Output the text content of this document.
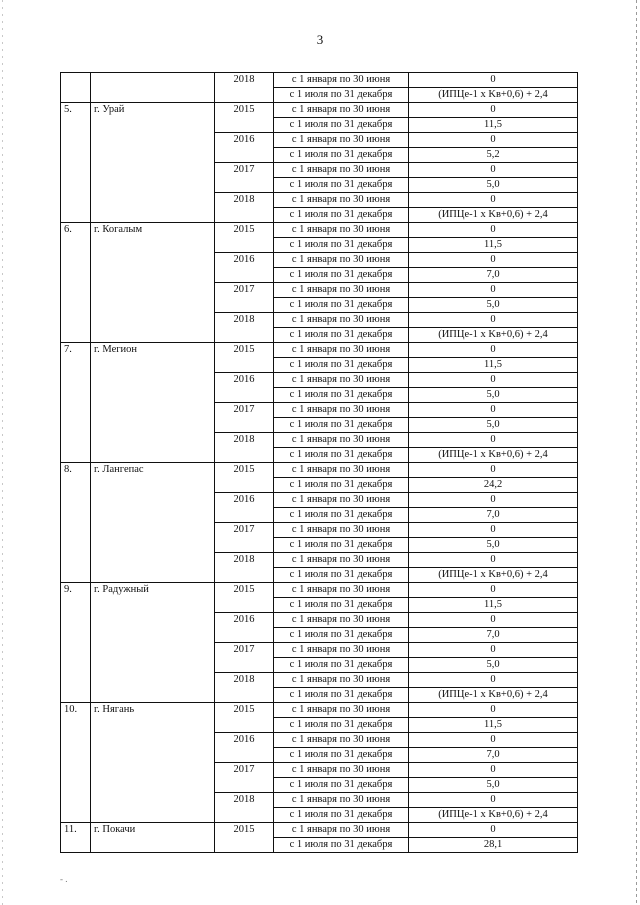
3
		2018	с 1 января по 30 июня	0
			с 1 июля по 31 декабря	(ИПЦe-1 x Kв+0,6) + 2,4
5.	г. Урай	2015	с 1 января по 30 июня	0
			с 1 июля по 31 декабря	11,5
		2016	с 1 января по 30 июня	0
			с 1 июля по 31 декабря	5,2
		2017	с 1 января по 30 июня	0
			с 1 июля по 31 декабря	5,0
		2018	с 1 января по 30 июня	0
			с 1 июля по 31 декабря	(ИПЦe-1 x Kв+0,6) + 2,4
6.	г. Когалым	2015	с 1 января по 30 июня	0
			с 1 июля по 31 декабря	11,5
		2016	с 1 января по 30 июня	0
			с 1 июля по 31 декабря	7,0
		2017	с 1 января по 30 июня	0
			с 1 июля по 31 декабря	5,0
		2018	с 1 января по 30 июня	0
			с 1 июля по 31 декабря	(ИПЦe-1 x Kв+0,6) + 2,4
7.	г. Мегион	2015	с 1 января по 30 июня	0
			с 1 июля по 31 декабря	11,5
		2016	с 1 января по 30 июня	0
			с 1 июля по 31 декабря	5,0
		2017	с 1 января по 30 июня	0
			с 1 июля по 31 декабря	5,0
		2018	с 1 января по 30 июня	0
			с 1 июля по 31 декабря	(ИПЦe-1 x Kв+0,6) + 2,4
8.	г. Лангепас	2015	с 1 января по 30 июня	0
			с 1 июля по 31 декабря	24,2
		2016	с 1 января по 30 июня	0
			с 1 июля по 31 декабря	7,0
		2017	с 1 января по 30 июня	0
			с 1 июля по 31 декабря	5,0
		2018	с 1 января по 30 июня	0
			с 1 июля по 31 декабря	(ИПЦe-1 x Kв+0,6) + 2,4
9.	г. Радужный	2015	с 1 января по 30 июня	0
			с 1 июля по 31 декабря	11,5
		2016	с 1 января по 30 июня	0
			с 1 июля по 31 декабря	7,0
		2017	с 1 января по 30 июня	0
			с 1 июля по 31 декабря	5,0
		2018	с 1 января по 30 июня	0
			с 1 июля по 31 декабря	(ИПЦe-1 x Kв+0,6) + 2,4
10.	г. Нягань	2015	с 1 января по 30 июня	0
			с 1 июля по 31 декабря	11,5
		2016	с 1 января по 30 июня	0
			с 1 июля по 31 декабря	7,0
		2017	с 1 января по 30 июня	0
			с 1 июля по 31 декабря	5,0
		2018	с 1 января по 30 июня	0
			с 1 июля по 31 декабря	(ИПЦe-1 x Kв+0,6) + 2,4
11.	г. Покачи	2015	с 1 января по 30 июня	0
			с 1 июля по 31 декабря	28,1
- .
